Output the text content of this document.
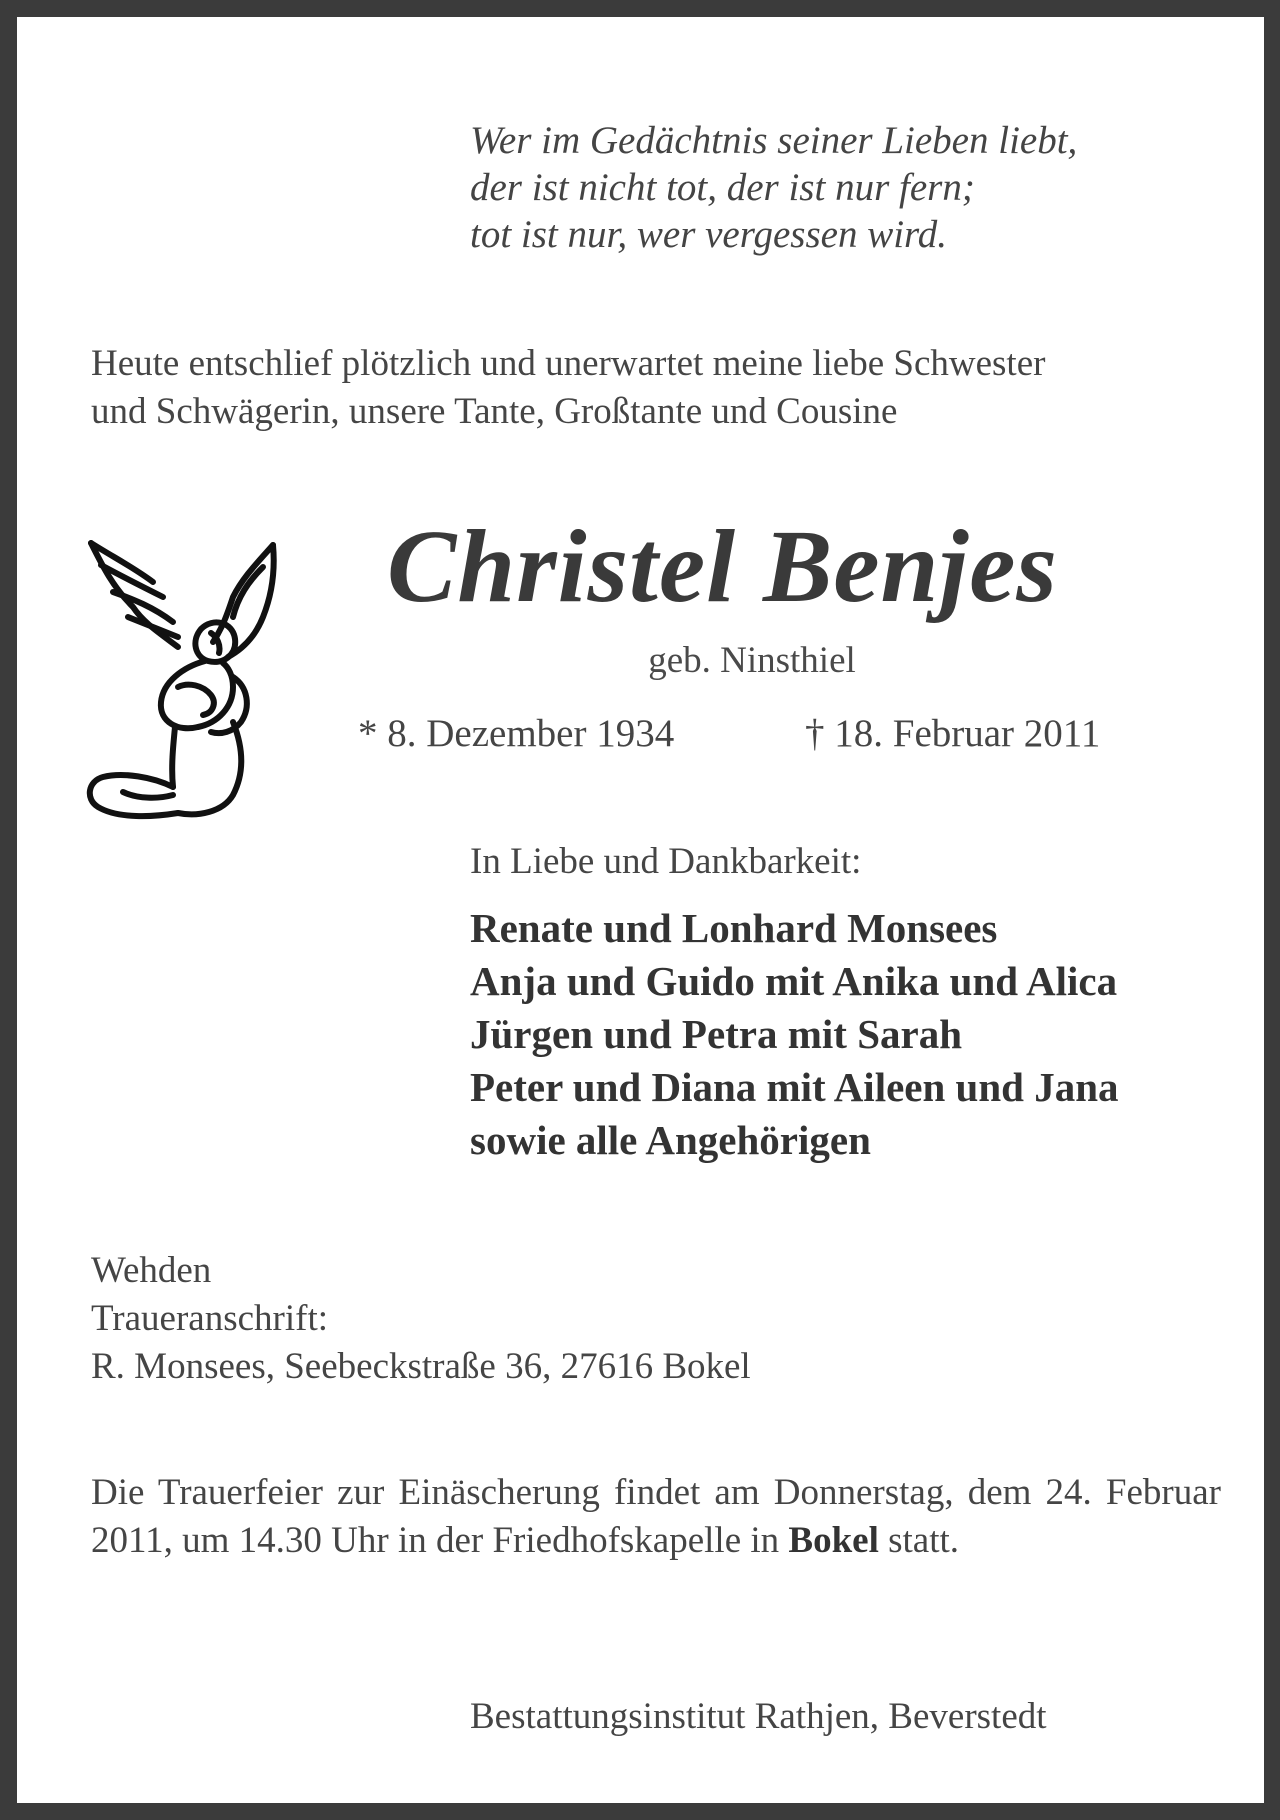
Wer im Gedächtnis seiner Lieben liebt,
der ist nicht tot, der ist nur fern;
tot ist nur, wer vergessen wird.
Heute entschlief plötzlich und unerwartet meine liebe Schwester
und Schwägerin, unsere Tante, Großtante und Cousine
Christel Benjes
geb. Ninsthiel
* 8. Dezember 1934	† 18. Februar 2011
In Liebe und Dankbarkeit:
Renate und Lonhard Monsees
Anja und Guido mit Anika und Alica
Jürgen und Petra mit Sarah
Peter und Diana mit Aileen und Jana
sowie alle Angehörigen
Wehden
Traueranschrift:
R. Monsees, Seebeckstraße 36, 27616 Bokel

Die Trauerfeier zur Einäscherung findet am Donnerstag, dem 24. Februar 2011, um 14.30 Uhr in der Friedhofskapelle in Bokel statt.

Bestattungsinstitut Rathjen, Beverstedt
